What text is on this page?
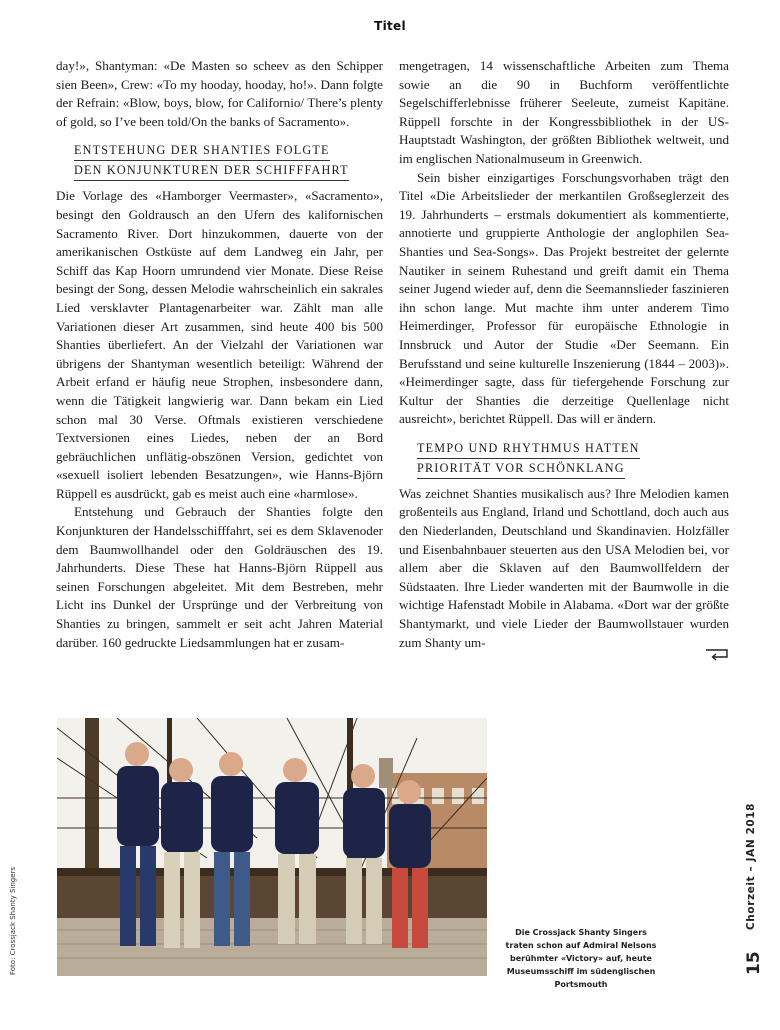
Titel

day!», Shantyman: «De Masten so scheev as den Schipper sien Been», Crew: «To my hooday, hooday, ho!». Dann folgte der Refrain: «Blow, boys, blow, for Californio/ There’s plenty of gold, so I’ve been told/On the banks of Sacramento».

ENTSTEHUNG DER SHANTIES FOLGTE
DEN KONJUNKTUREN DER SCHIFFFAHRT

Die Vorlage des «Hamborger Veermaster», «Sacramento», besingt den Goldrausch an den Ufern des kalifornischen Sacramento River. Dort hinzukommen, dauerte von der amerikanischen Ostküste auf dem Landweg ein Jahr, per Schiff das Kap Hoorn umrundend vier Monate. Diese Reise besingt der Song, dessen Melodie wahrscheinlich ein sakrales Lied versklavter Plantagenarbeiter war. Zählt man alle Variationen dieser Art zusammen, sind heute 400 bis 500 Shanties überliefert. An der Vielzahl der Variationen war übrigens der Shantyman wesentlich beteiligt: Während der Arbeit erfand er häufig neue Strophen, insbesondere dann, wenn die Tätigkeit langwierig war. Dann bekam ein Lied schon mal 30 Verse. Oftmals existieren verschiedene Textversionen eines Liedes, neben der an Bord gebräuchlichen unflätig-obszönen Version, gedichtet von «sexuell isoliert lebenden Besatzungen», wie Hanns-Björn Rüppell es ausdrückt, gab es meist auch eine «harmlose».

Entstehung und Gebrauch der Shanties folgte den Konjunkturen der Handelsschifffahrt, sei es dem Sklavenoder dem Baumwollhandel oder den Goldräuschen des 19. Jahrhunderts. Diese These hat Hanns-Björn Rüppell aus seinen Forschungen abgeleitet. Mit dem Bestreben, mehr Licht ins Dunkel der Ursprünge und der Verbreitung von Shanties zu bringen, sammelt er seit acht Jahren Material darüber. 160 gedruckte Liedsammlungen hat er zusam-

mengetragen, 14 wissenschaftliche Arbeiten zum Thema sowie an die 90 in Buchform veröffentlichte Segelschifferlebnisse früherer Seeleute, zumeist Kapitäne. Rüppell forschte in der Kongressbibliothek in der US-Hauptstadt Washington, der größten Bibliothek weltweit, und im englischen Nationalmuseum in Greenwich.

Sein bisher einzigartiges Forschungsvorhaben trägt den Titel «Die Arbeitslieder der merkantilen Großseglerzeit des 19. Jahrhunderts – erstmals dokumentiert als kommentierte, annotierte und gruppierte Anthologie der anglophilen Sea-Shanties und Sea-Songs». Das Projekt bestreitet der gelernte Nautiker in seinem Ruhestand und greift damit ein Thema seiner Jugend wieder auf, denn die Seemannslieder faszinieren ihn schon lange. Mut machte ihm unter anderem Timo Heimerdinger, Professor für europäische Ethnologie in Innsbruck und Autor der Studie «Der Seemann. Ein Berufsstand und seine kulturelle Inszenierung (1844 – 2003)». «Heimerdinger sagte, dass für tiefergehende Forschung zur Kultur der Shanties die derzeitige Quellenlage nicht ausreicht», berichtet Rüppell. Das will er ändern.

TEMPO UND RHYTHMUS HATTEN
PRIORITÄT VOR SCHÖNKLANG

Was zeichnet Shanties musikalisch aus? Ihre Melodien kamen großenteils aus England, Irland und Schottland, doch auch aus den Niederlanden, Deutschland und Skandinavien. Holzfäller und Eisenbahnbauer steuerten aus den USA Melodien bei, vor allem aber die Sklaven auf den Baumwollfeldern der Südstaaten. Ihre Lieder wanderten mit der Baumwolle in die wichtige Hafenstadt Mobile in Alabama. «Dort war der größte Shantymarkt, und viele Lieder der Baumwollstauer wurden zum Shanty um-

Foto: Crossjack Shanty Singers	Die Crossjack Shanty Singers traten schon auf Admiral Nelsons berühmter «Victory» auf, heute Museumsschiff im südenglischen Portsmouth
Chorzeit – JAN 2018
15
